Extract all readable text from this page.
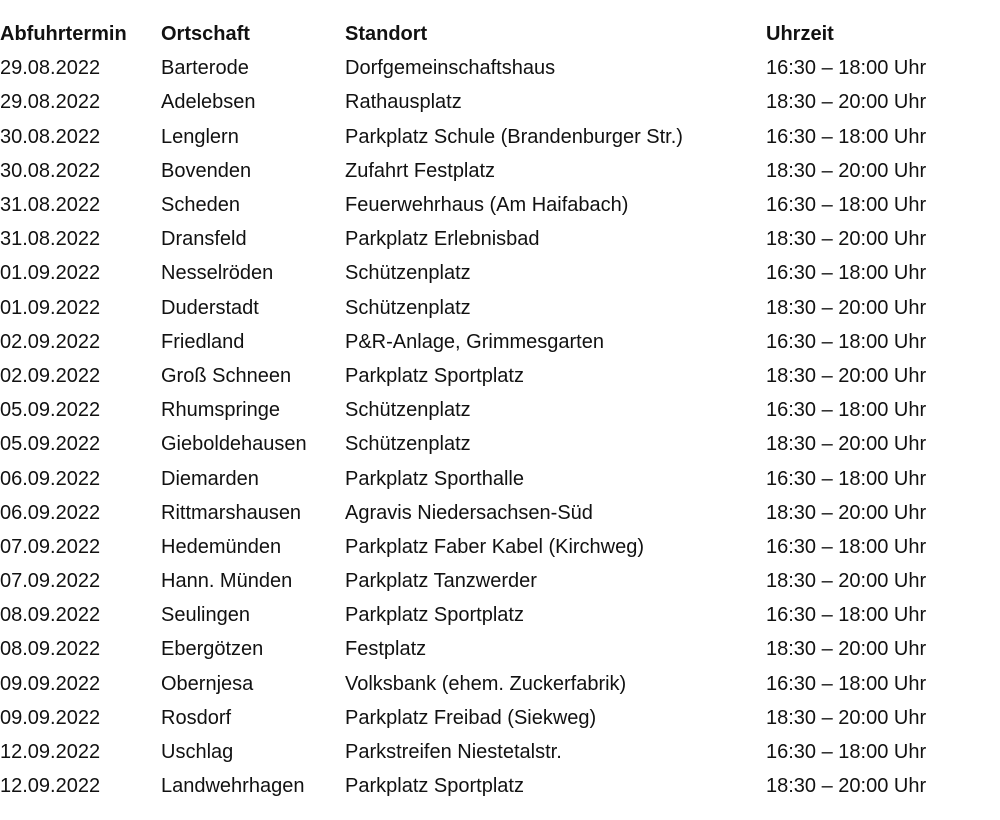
Abfuhrtermin	Ortschaft	Standort	Uhrzeit
29.08.2022	Barterode	Dorfgemeinschaftshaus	16:30 – 18:00 Uhr
29.08.2022	Adelebsen	Rathausplatz	18:30 – 20:00 Uhr
30.08.2022	Lenglern	Parkplatz Schule (Brandenburger Str.)	16:30 – 18:00 Uhr
30.08.2022	Bovenden	Zufahrt Festplatz	18:30 – 20:00 Uhr
31.08.2022	Scheden	Feuerwehrhaus (Am Haifabach)	16:30 – 18:00 Uhr
31.08.2022	Dransfeld	Parkplatz Erlebnisbad	18:30 – 20:00 Uhr
01.09.2022	Nesselröden	Schützenplatz	16:30 – 18:00 Uhr
01.09.2022	Duderstadt	Schützenplatz	18:30 – 20:00 Uhr
02.09.2022	Friedland	P&R-Anlage, Grimmesgarten	16:30 – 18:00 Uhr
02.09.2022	Groß Schneen	Parkplatz Sportplatz	18:30 – 20:00 Uhr
05.09.2022	Rhumspringe	Schützenplatz	16:30 – 18:00 Uhr
05.09.2022	Gieboldehausen	Schützenplatz	18:30 – 20:00 Uhr
06.09.2022	Diemarden	Parkplatz Sporthalle	16:30 – 18:00 Uhr
06.09.2022	Rittmarshausen	Agravis Niedersachsen-Süd	18:30 – 20:00 Uhr
07.09.2022	Hedemünden	Parkplatz Faber Kabel (Kirchweg)	16:30 – 18:00 Uhr
07.09.2022	Hann. Münden	Parkplatz Tanzwerder	18:30 – 20:00 Uhr
08.09.2022	Seulingen	Parkplatz Sportplatz	16:30 – 18:00 Uhr
08.09.2022	Ebergötzen	Festplatz	18:30 – 20:00 Uhr
09.09.2022	Obernjesa	Volksbank (ehem. Zuckerfabrik)	16:30 – 18:00 Uhr
09.09.2022	Rosdorf	Parkplatz Freibad (Siekweg)	18:30 – 20:00 Uhr
12.09.2022	Uschlag	Parkstreifen Niestetalstr.	16:30 – 18:00 Uhr
12.09.2022	Landwehrhagen	Parkplatz Sportplatz	18:30 – 20:00 Uhr
